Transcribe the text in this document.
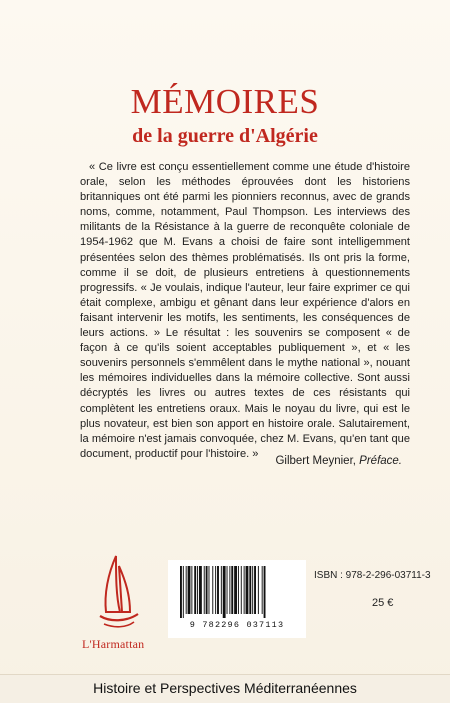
MÉMOIRES
de la guerre d'Algérie

« Ce livre est conçu essentiellement comme une étude d'histoire orale, selon les méthodes éprouvées dont les historiens britanniques ont été parmi les pionniers reconnus, avec de grands noms, comme, notamment, Paul Thompson. Les interviews des militants de la Résistance à la guerre de reconquête coloniale de 1954-1962 que M. Evans a choisi de faire sont intelligemment présentées selon des thèmes problématisés. Ils ont pris la forme, comme il se doit, de plusieurs entretiens à questionnements progressifs. « Je voulais, indique l'auteur, leur faire exprimer ce qui était complexe, ambigu et gênant dans leur expérience d'alors en faisant intervenir les motifs, les sentiments, les conséquences de leurs actions. » Le résultat : les souvenirs se composent « de façon à ce qu'ils soient acceptables publiquement », et « les souvenirs personnels s'emmêlent dans le mythe national », nouant les mémoires individuelles dans la mémoire collective. Sont aussi décryptés les livres ou autres textes de ces résistants qui complètent les entretiens oraux. Mais le noyau du livre, qui est le plus novateur, est bien son apport en histoire orale. Salutairement, la mémoire n'est jamais convoquée, chez M. Evans, qu'en tant que document, productif pour l'histoire. »

Gilbert Meynier, Préface.
L'Harmattan
9 782296 037113
ISBN : 978-2-296-03711-3
25 €
Histoire et Perspectives Méditerranéennes
